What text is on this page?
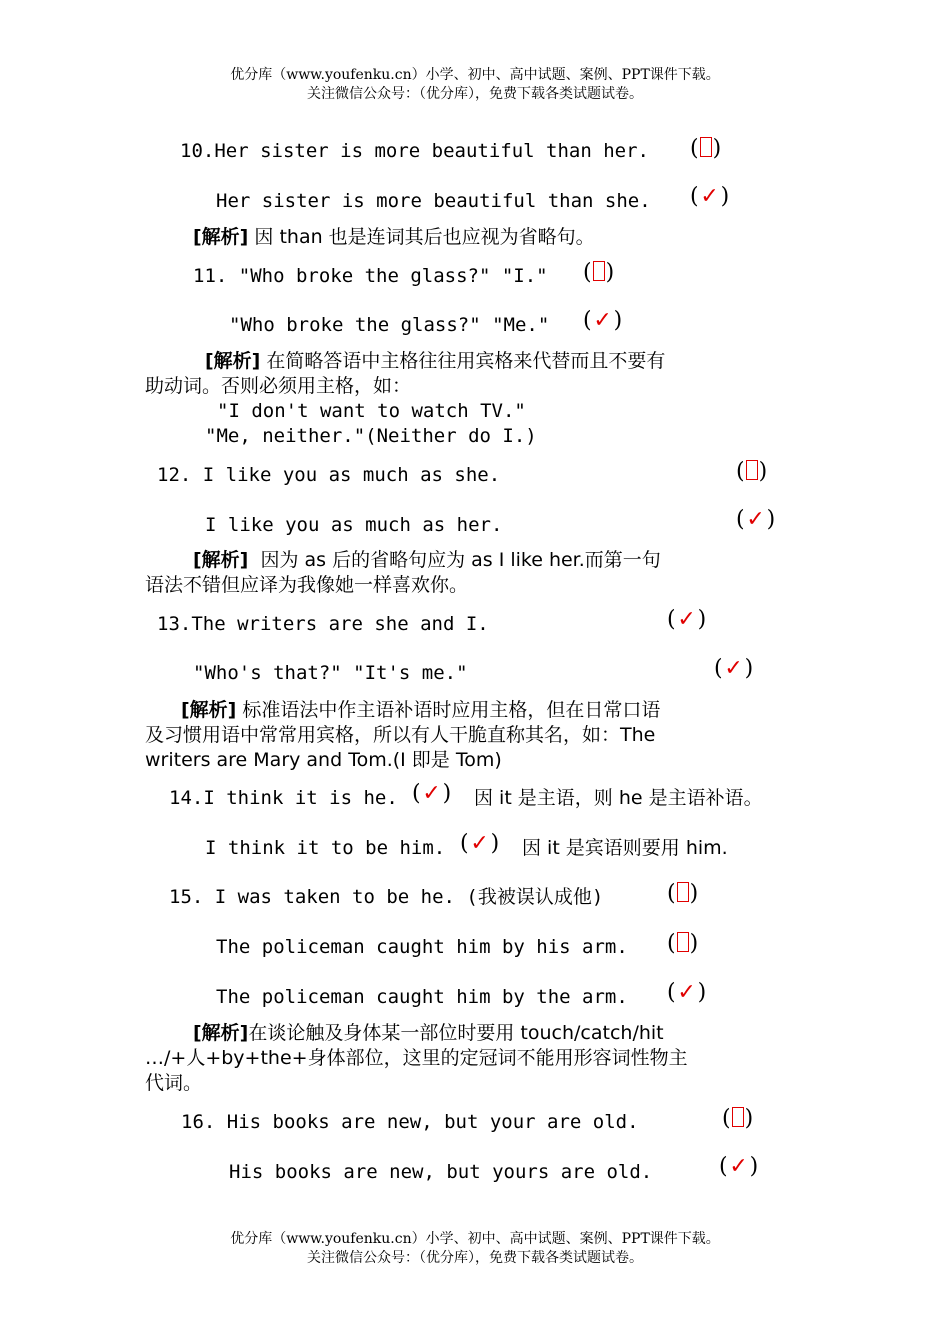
优分库（www.youfenku.cn）小学、初中、高中试题、案例、PPT课件下载。
关注微信公众号：（优分库），免费下载各类试题试卷。
10.Her sister is more beautiful than her. ( )
Her sister is more beautiful than she. (✓)
[解析] 因 than 也是连词其后也应视为省略句。
11. "Who broke the glass?" "I." ( )
"Who broke the glass?" "Me." (✓)
[解析] 在简略答语中主格往往用宾格来代替而且不要有
助动词。否则必须用主格，如：
"I don't want to watch TV."
"Me, neither."(Neither do I.)
12. I like you as much as she.	( )
I like you as much as her.	(✓)
[解析]  因为 as 后的省略句应为 as I like her.而第一句
语法不错但应译为我像她一样喜欢你。
13.The writers are she and I.	(✓)
"Who's that?" "It's me."	(✓)
[解析] 标准语法中作主语补语时应用主格，但在日常口语
及习惯用语中常常用宾格，所以有人干脆直称其名，如：The
writers are Mary and Tom.(I 即是 Tom)
14.I think it is he. (✓) 因 it 是主语，则 he 是主语补语。
I think it to be him. (✓) 因 it 是宾语则要用 him.
15. I was taken to be he. (我被误认成他)	( )
The policeman caught him by his arm. ( )
The policeman caught him by the arm. (✓)
[解析]在谈论触及身体某一部位时要用 touch/catch/hit
…/+人+by+the+身体部位，这里的定冠词不能用形容词性物主
代词。
16. His books are new, but your are old.	( )
His books are new, but yours are old.	(✓)
优分库（www.youfenku.cn）小学、初中、高中试题、案例、PPT课件下载。
关注微信公众号：（优分库），免费下载各类试题试卷。
